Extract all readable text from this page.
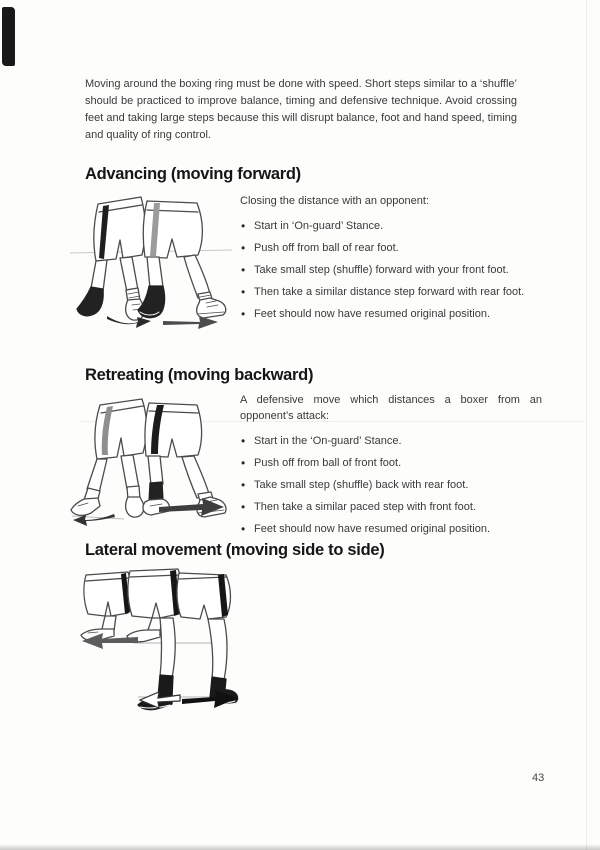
Moving around the boxing ring must be done with speed. Short steps similar to a ‘shuffle’ should be practiced to improve balance, timing and defensive technique. Avoid crossing feet and taking large steps because this will disrupt balance, foot and hand speed, timing and quality of ring control.

Advancing (moving forward)

Closing the distance with an opponent:

• Start in ‘On-guard’ Stance.
• Push off from ball of rear foot.
• Take small step (shuffle) forward with your front foot.
• Then take a similar distance step forward with rear foot.
• Feet should now have resumed original position.
Retreating (moving backward)

A defensive move which distances a boxer from an opponent’s attack:

• Start in the ‘On-guard’ Stance.
• Push off from ball of front foot.
• Take small step (shuffle) back with rear foot.
• Then take a similar paced step with front foot.
• Feet should now have resumed original position.
Lateral movement (moving side to side)
43
